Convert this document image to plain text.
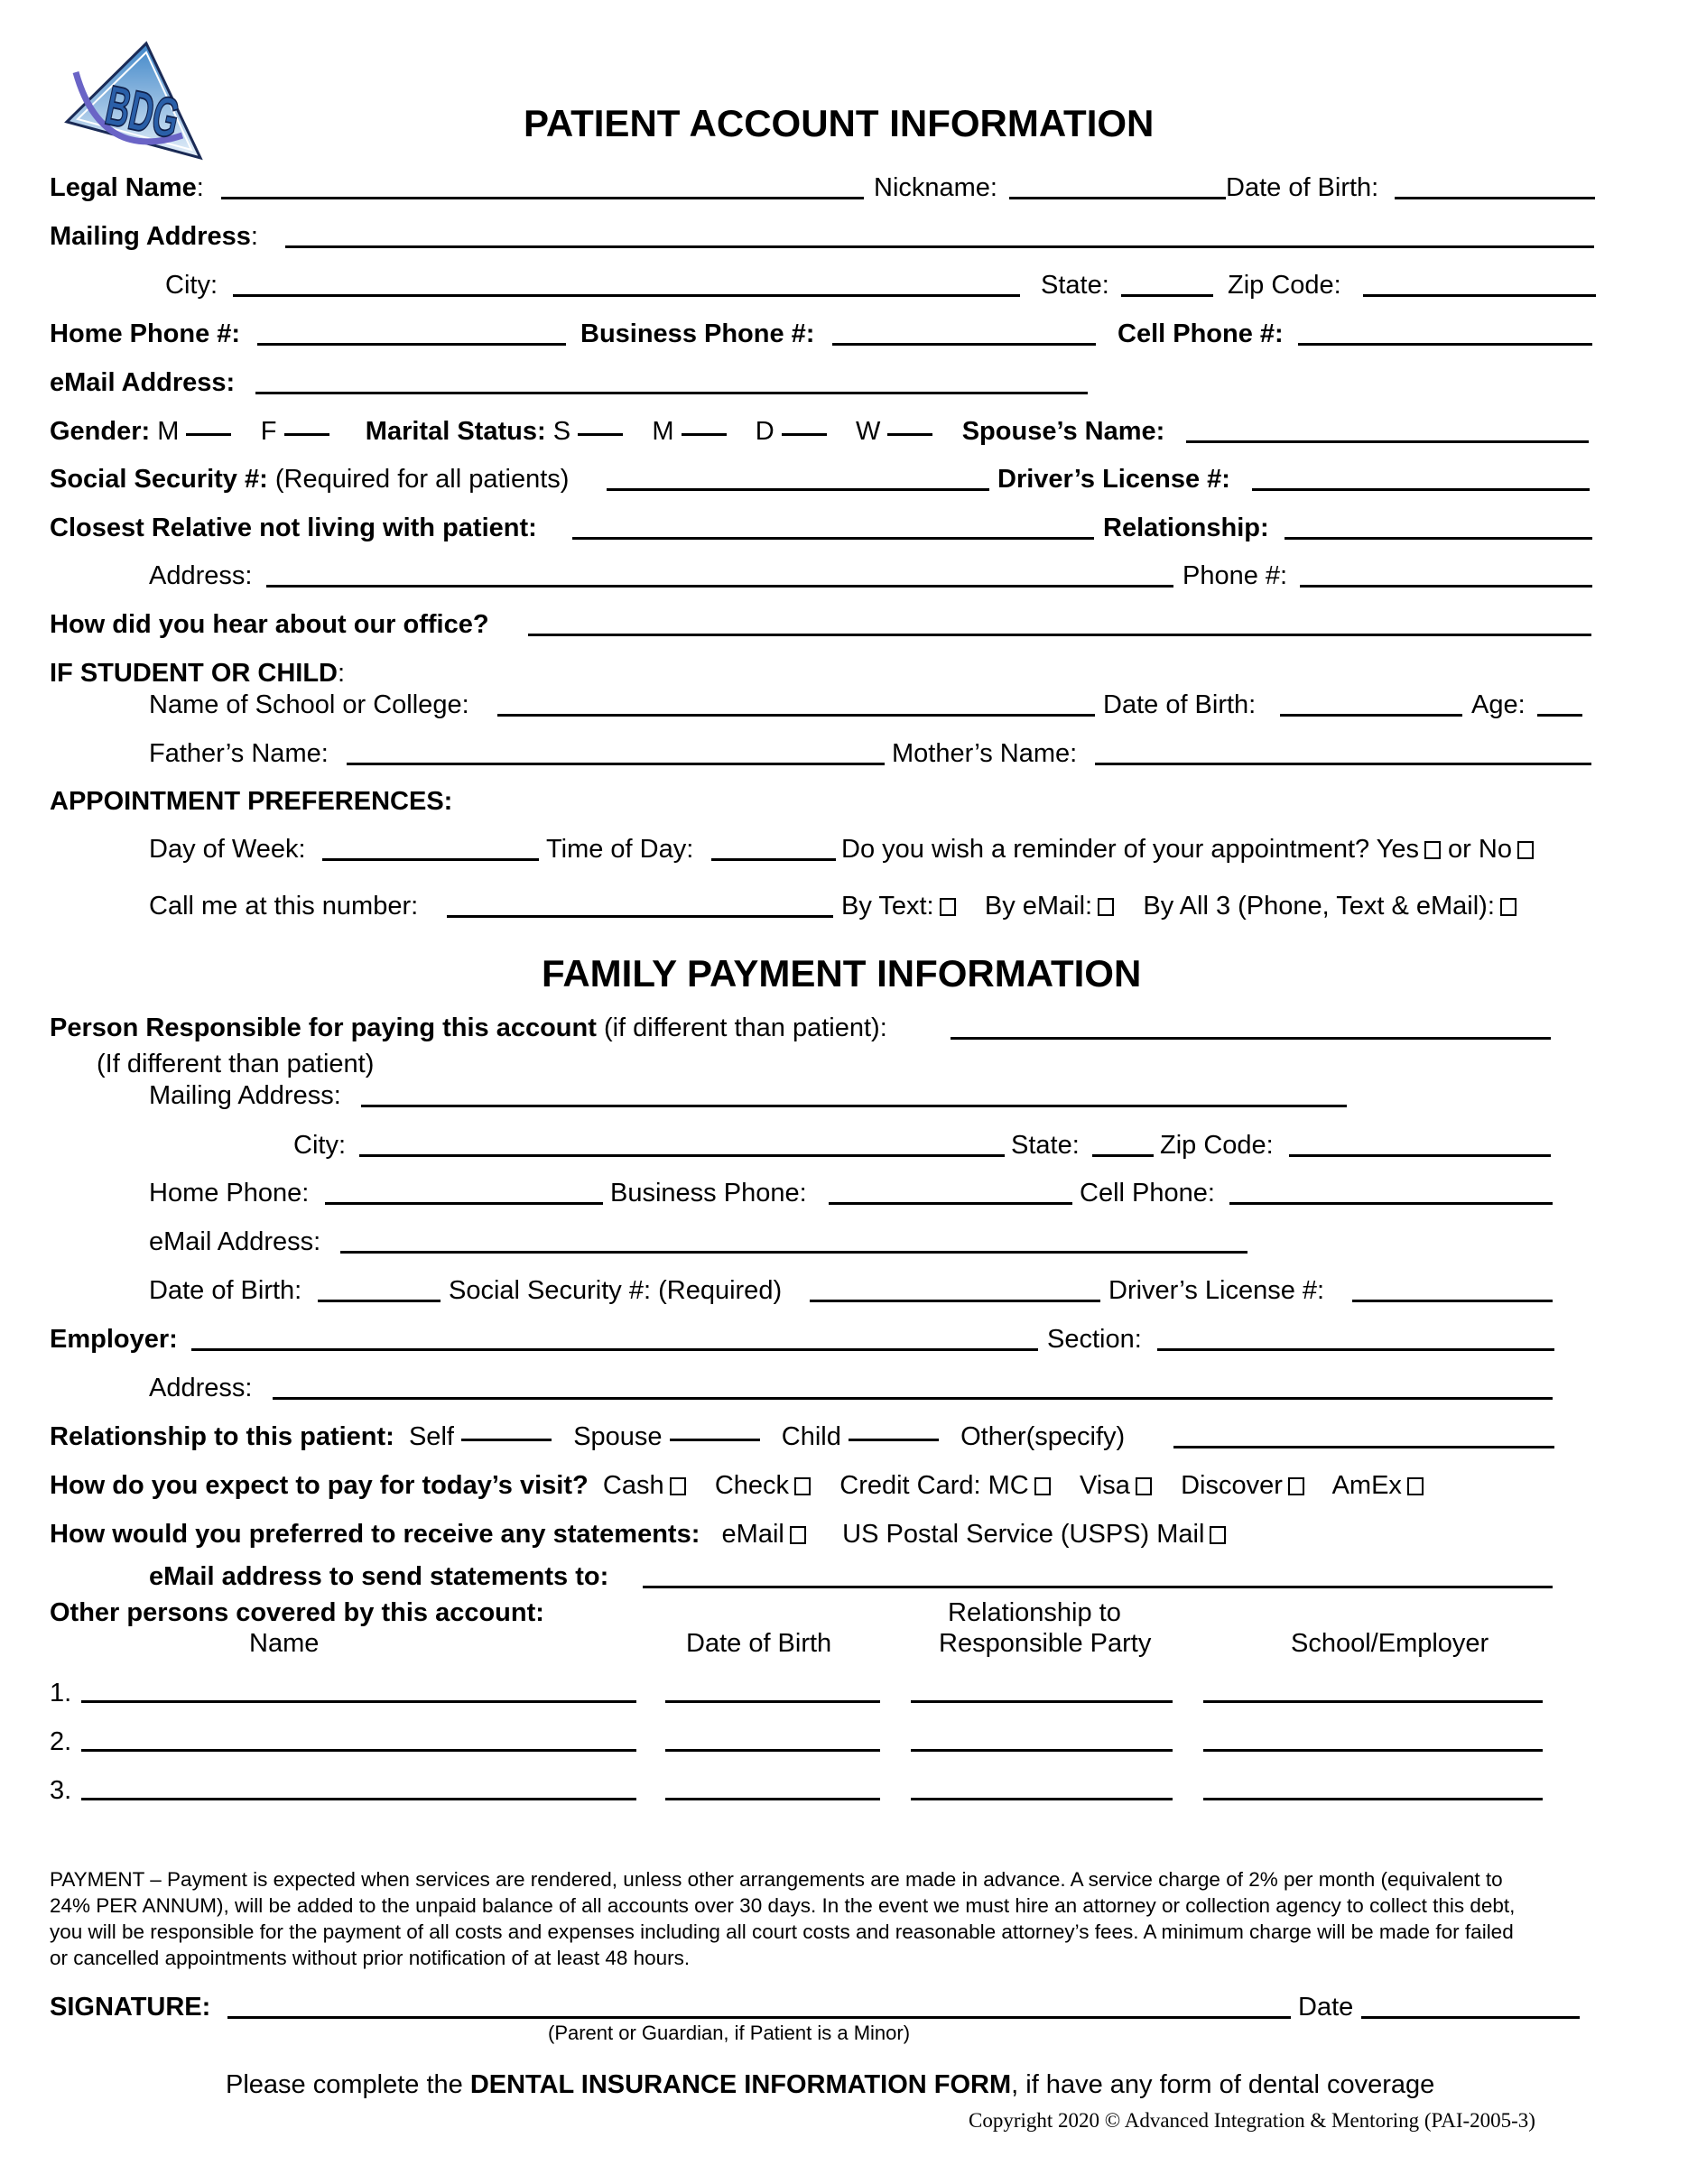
BDG	PATIENT ACCOUNT INFORMATION
Legal Name:	Nickname:	Date of Birth:
Mailing Address:
City:	State:	Zip Code:
Home Phone #:	Business Phone #:	Cell Phone #:
eMail Address:
Gender: M	F	Marital Status: S	M	D	W	Spouse’s Name:
Social Security #: (Required for all patients)	Driver’s License #:
Closest Relative not living with patient:	Relationship:
Address:	Phone #:
How did you hear about our office?
IF STUDENT OR CHILD:
Name of School or College:	Date of Birth:	Age:
Father’s Name:	Mother’s Name:
APPOINTMENT PREFERENCES:
Day of Week:	Time of Day:	Do you wish a reminder of your appointment? Yes or No
Call me at this number:	By Text: By eMail: By All 3 (Phone, Text & eMail):
FAMILY PAYMENT INFORMATION
Person Responsible for paying this account (if different than patient):
(If different than patient)
Mailing Address:
City:	State:	Zip Code:
Home Phone:	Business Phone:	Cell Phone:
eMail Address:
Date of Birth:	Social Security #: (Required)	Driver’s License #:
Employer:	Section:
Address:
Relationship to this patient: Self	Spouse	Child	Other(specify)
How do you expect to pay for today’s visit? Cash Check Credit Card: MC Visa Discover AmEx
How would you preferred to receive any statements: eMail US Postal Service (USPS) Mail
eMail address to send statements to:
Other persons covered by this account:	Relationship to
Name	Date of Birth	Responsible Party	School/Employer
1.
2.
3.
PAYMENT – Payment is expected when services are rendered, unless other arrangements are made in advance. A service charge of 2% per month (equivalent to 24% PER ANNUM), will be added to the unpaid balance of all accounts over 30 days. In the event we must hire an attorney or collection agency to collect this debt, you will be responsible for the payment of all costs and expenses including all court costs and reasonable attorney’s fees. A minimum charge will be made for failed or cancelled appointments without prior notification of at least 48 hours.
SIGNATURE:	Date
(Parent or Guardian, if Patient is a Minor)
Please complete the DENTAL INSURANCE INFORMATION FORM, if have any form of dental coverage
Copyright 2020 © Advanced Integration & Mentoring (PAI-2005-3)
